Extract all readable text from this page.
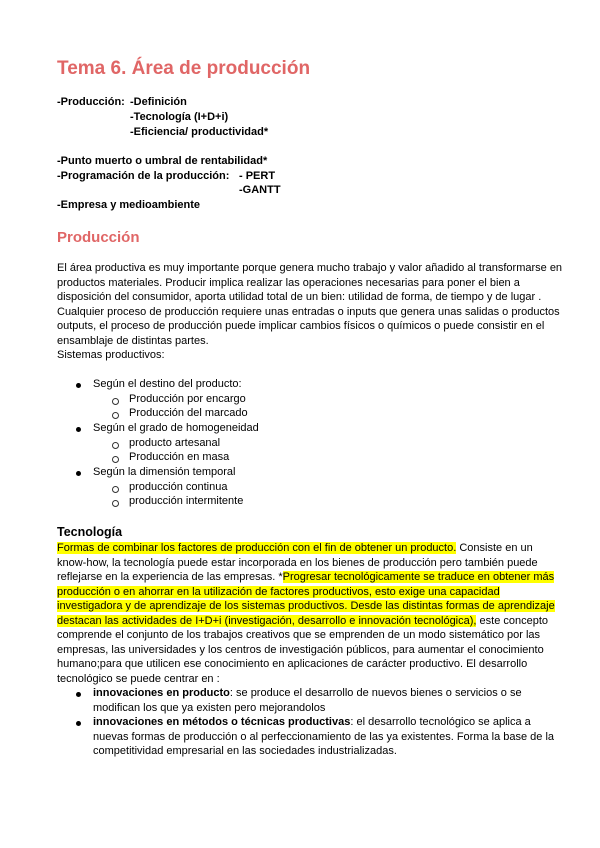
Tema 6. Área de producción
-Producción: -Definición
-Tecnología (I+D+i)
-Eficiencia/ productividad*
-Punto muerto o umbral de rentabilidad*
-Programación de la producción: - PERT
-GANTT
-Empresa y medioambiente
Producción
El área productiva es muy importante porque genera mucho trabajo y valor añadido al transformarse en
productos materiales. Producir implica realizar las operaciones necesarias para poner el bien a
disposición del consumidor, aporta utilidad total de un bien: utilidad de forma, de tiempo y de lugar .
Cualquier proceso de producción requiere unas entradas o inputs que genera unas salidas o productos
outputs, el proceso de producción puede implicar cambios físicos o químicos o puede consistir en el
ensamblaje de distintas partes.
Sistemas productivos:
Según el destino del producto:
Producción por encargo
Producción del marcado
Según el grado de homogeneidad
producto artesanal
Producción en masa
Según la dimensión temporal
producción continua
producción intermitente
Tecnología
Formas de combinar los factores de producción con el fin de obtener un producto. Consiste en un
know-how, la tecnología puede estar incorporada en los bienes de producción pero también puede
reflejarse en la experiencia de las empresas. *Progresar tecnológicamente se traduce en obtener más
producción o en ahorrar en la utilización de factores productivos, esto exige una capacidad
investigadora y de aprendizaje de los sistemas productivos. Desde las distintas formas de aprendizaje
destacan las actividades de I+D+i (investigación, desarrollo e innovación tecnológica), este concepto
comprende el conjunto de los trabajos creativos que se emprenden de un modo sistemático por las
empresas, las universidades y los centros de investigación públicos, para aumentar el conocimiento
humano;para que utilicen ese conocimiento en aplicaciones de carácter productivo. El desarrollo
tecnológico se puede centrar en :
innovaciones en producto: se produce el desarrollo de nuevos bienes o servicios o se
modifican los que ya existen pero mejorandolos
innovaciones en métodos o técnicas productivas: el desarrollo tecnológico se aplica a
nuevas formas de producción o al perfeccionamiento de las ya existentes. Forma la base de la
competitividad empresarial en las sociedades industrializadas.
